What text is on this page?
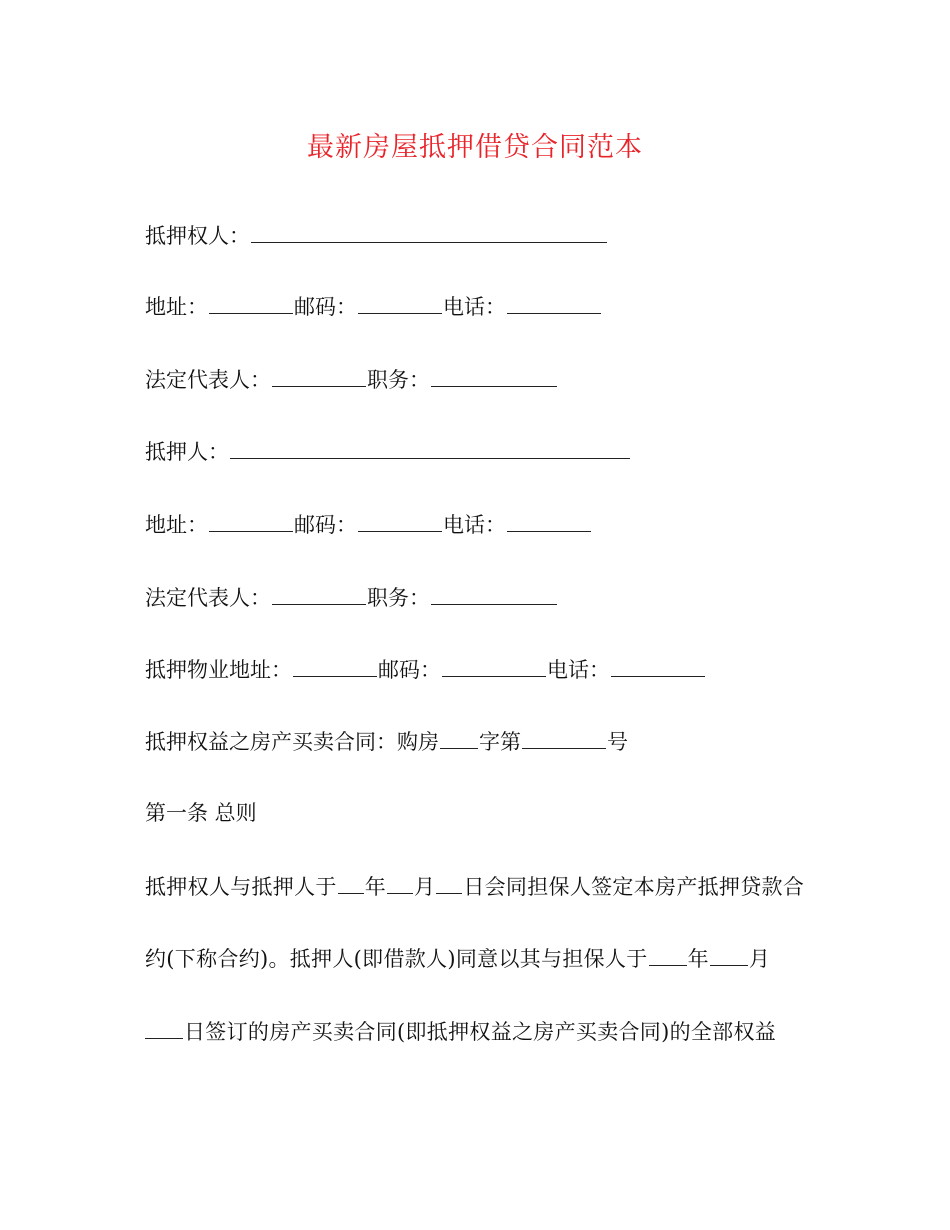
最新房屋抵押借贷合同范本
抵押权人：
地址：	邮码：	电话：
法定代表人：	职务：
抵押人：
地址：	邮码：	电话：
法定代表人：	职务：
抵押物业地址：	邮码：	电话：
抵押权益之房产买卖合同：购房 字第	号
第一条 总则
抵押权人与抵押人于 年 月 日会同担保人签定本房产抵押贷款合
约(下称合约)。抵押人(即借款人)同意以其与担保人于 年 月
日签订的房产买卖合同(即抵押权益之房产买卖合同)的全部权益
